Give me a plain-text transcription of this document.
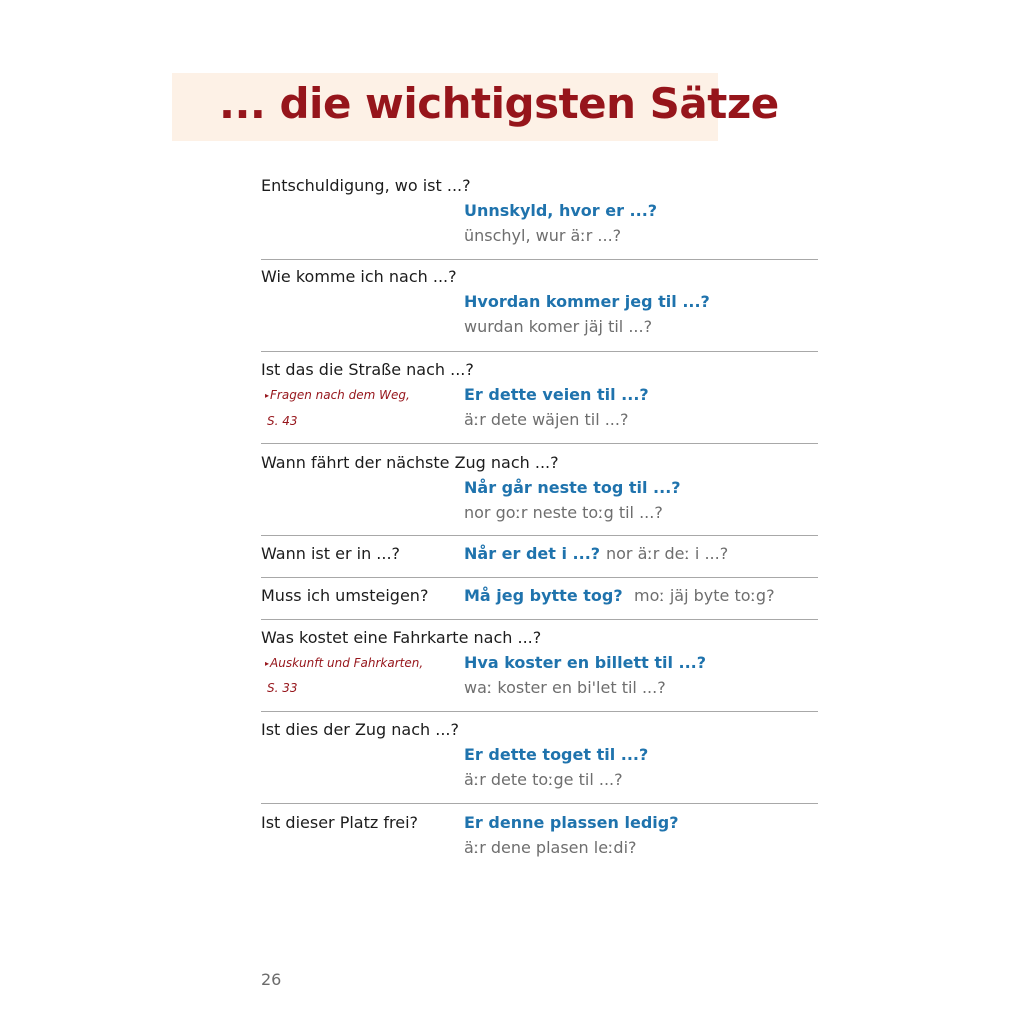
... die wichtigsten Sätze
Entschuldigung, wo ist ...?
Unnskyld, hvor er ...?
ünschyl, wur äːr ...?
Wie komme ich nach ...?
Hvordan kommer jeg til ...?
wurdan komer jäj til ...?
Ist das die Straße nach ...?
▸Fragen nach dem Weg,
S. 43
Er dette veien til ...?
äːr dete wäjen til ...?
Wann fährt der nächste Zug nach ...?
Når går neste tog til ...?
nor goːr neste toːg til ...?
Wann ist er in ...?	Når er det i ...? nor äːr deː i ...?
Muss ich umsteigen? Må jeg bytte tog? moː jäj byte toːg?
Was kostet eine Fahrkarte nach ...?
▸Auskunft und Fahrkarten,
S. 33
Hva koster en billett til ...?
waː koster en bi'let til ...?
Ist dies der Zug nach ...?
Er dette toget til ...?
äːr dete toːge til ...?
Ist dieser Platz frei?	Er denne plassen ledig?
äːr dene plasen leːdi?
26
